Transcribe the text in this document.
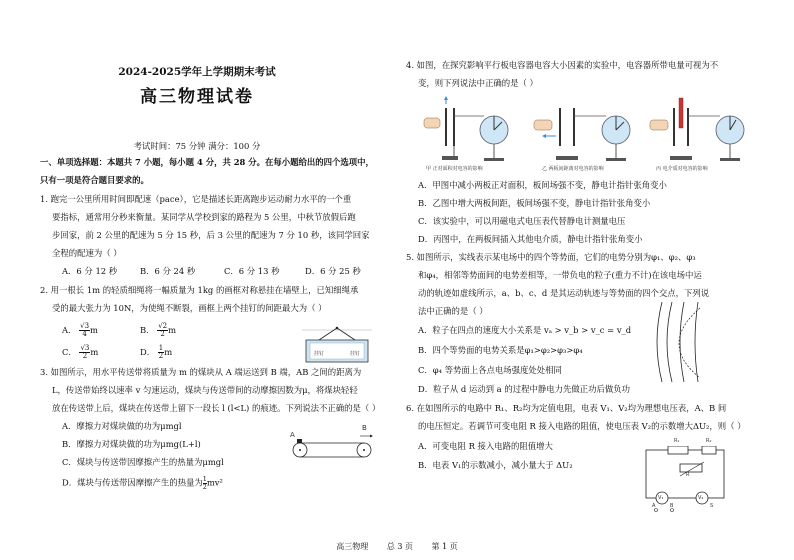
2024-2025学年上学期期末考试
高三物理试卷
考试时间：75 分钟 满分：100 分
一、单项选择题：本题共 7 小题，每小题 4 分，共 28 分。在每小题给出的四个选项中，
只有一项是符合题目要求的。
1. 跑完一公里所用时间即配速（pace），它是描述长距离跑步运动耐力水平的一个重
要指标，通常用分秒来衡量。某同学从学校到家的路程为 5 公里，中秋节放假后跑
步回家，前 2 公里的配速为 5 分 15 秒，后 3 公里的配速为 7 分 10 秒，该同学回家
全程的配速为（ ）
A．6 分 12 秒	B．6 分 24 秒	C．6 分 13 秒	D．6 分 25 秒
2. 用一根长 1m 的轻质细绳将一幅质量为 1kg 的画框对称悬挂在墙壁上，已知细绳承
受的最大张力为 10N，为使绳不断裂，画框上两个挂钉的间距最大为（ ）
A． $\frac{√3}{4}$ m	B． $\frac{√2}{2}$ m
C． $\frac{√3}{2}$ m	D． $\frac{1}{2}$ m	挂钉	挂钉
3. 如图所示，用水平传送带将质量为 m 的煤块从 A 端运送到 B 端，AB 之间的距离为
L，传送带始终以速率 v 匀速运动，煤块与传送带间的动摩擦因数为μ，将煤块轻轻
放在传送带上后，煤块在传送带上留下一段长 l (l<L) 的痕迹。下列说法不正确的是（ ）
A．摩擦力对煤块做的功为μmgl
B．摩擦力对煤块做的功为μmg(L+l)
C．煤块与传送带因摩擦产生的热量为μmgl
D．煤块与传送带因摩擦产生的热量为 $\frac{1}{2} mv^2$
A
B
4. 如图，在探究影响平行板电容器电容大小因素的实验中，电容器所带电量可视为不
变，则下列说法中正确的是（ ）
甲 正对面积对电容的影响	乙 两板间距离对电容的影响	丙 电介质对电容的影响
A．甲图中减小两板正对面积，板间场强不变，静电计指针张角变小
B．乙图中增大两板间距，板间场强不变，静电计指针张角变小
C．该实验中，可以用磁电式电压表代替静电计测量电压
D．丙图中，在两板间插入其他电介质，静电计指针张角变小
5. 如图所示，实线表示某电场中的四个等势面，它们的电势分别为φ₁、φ₂、φ₃
和φ₄，相邻等势面间的电势差相等，一带负电的粒子(重力不计)在该电场中运
动的轨迹如虚线所示，a、b、c、d 是其运动轨迹与等势面的四个交点，下列说
法中正确的是（ ）
A．粒子在四点的速度大小关系是 vₐ > v_b > v_c = v_d
B．四个等势面的电势关系是φ₁>φ₂>φ₃>φ₄
C．φ₄ 等势面上各点电场强度处处相同
D．粒子从 d 运动到 a 的过程中静电力先做正功后做负功
6. 在如图所示的电路中 R₁、R₂均为定值电阻，电表 V₁、V₂均为理想电压表，A、B 间
的电压恒定。若调节可变电阻 R 接入电路的阻值，使电压表 V₂的示数增大ΔU₂，则（ ）
A．可变电阻 R 接入电路的阻值增大
B．电表 V₁的示数减小，减小量大于 ΔU₂
R₁	R₂
R
V₁	V₂
A	B	S
高三物理 总 3 页 第 1 页
